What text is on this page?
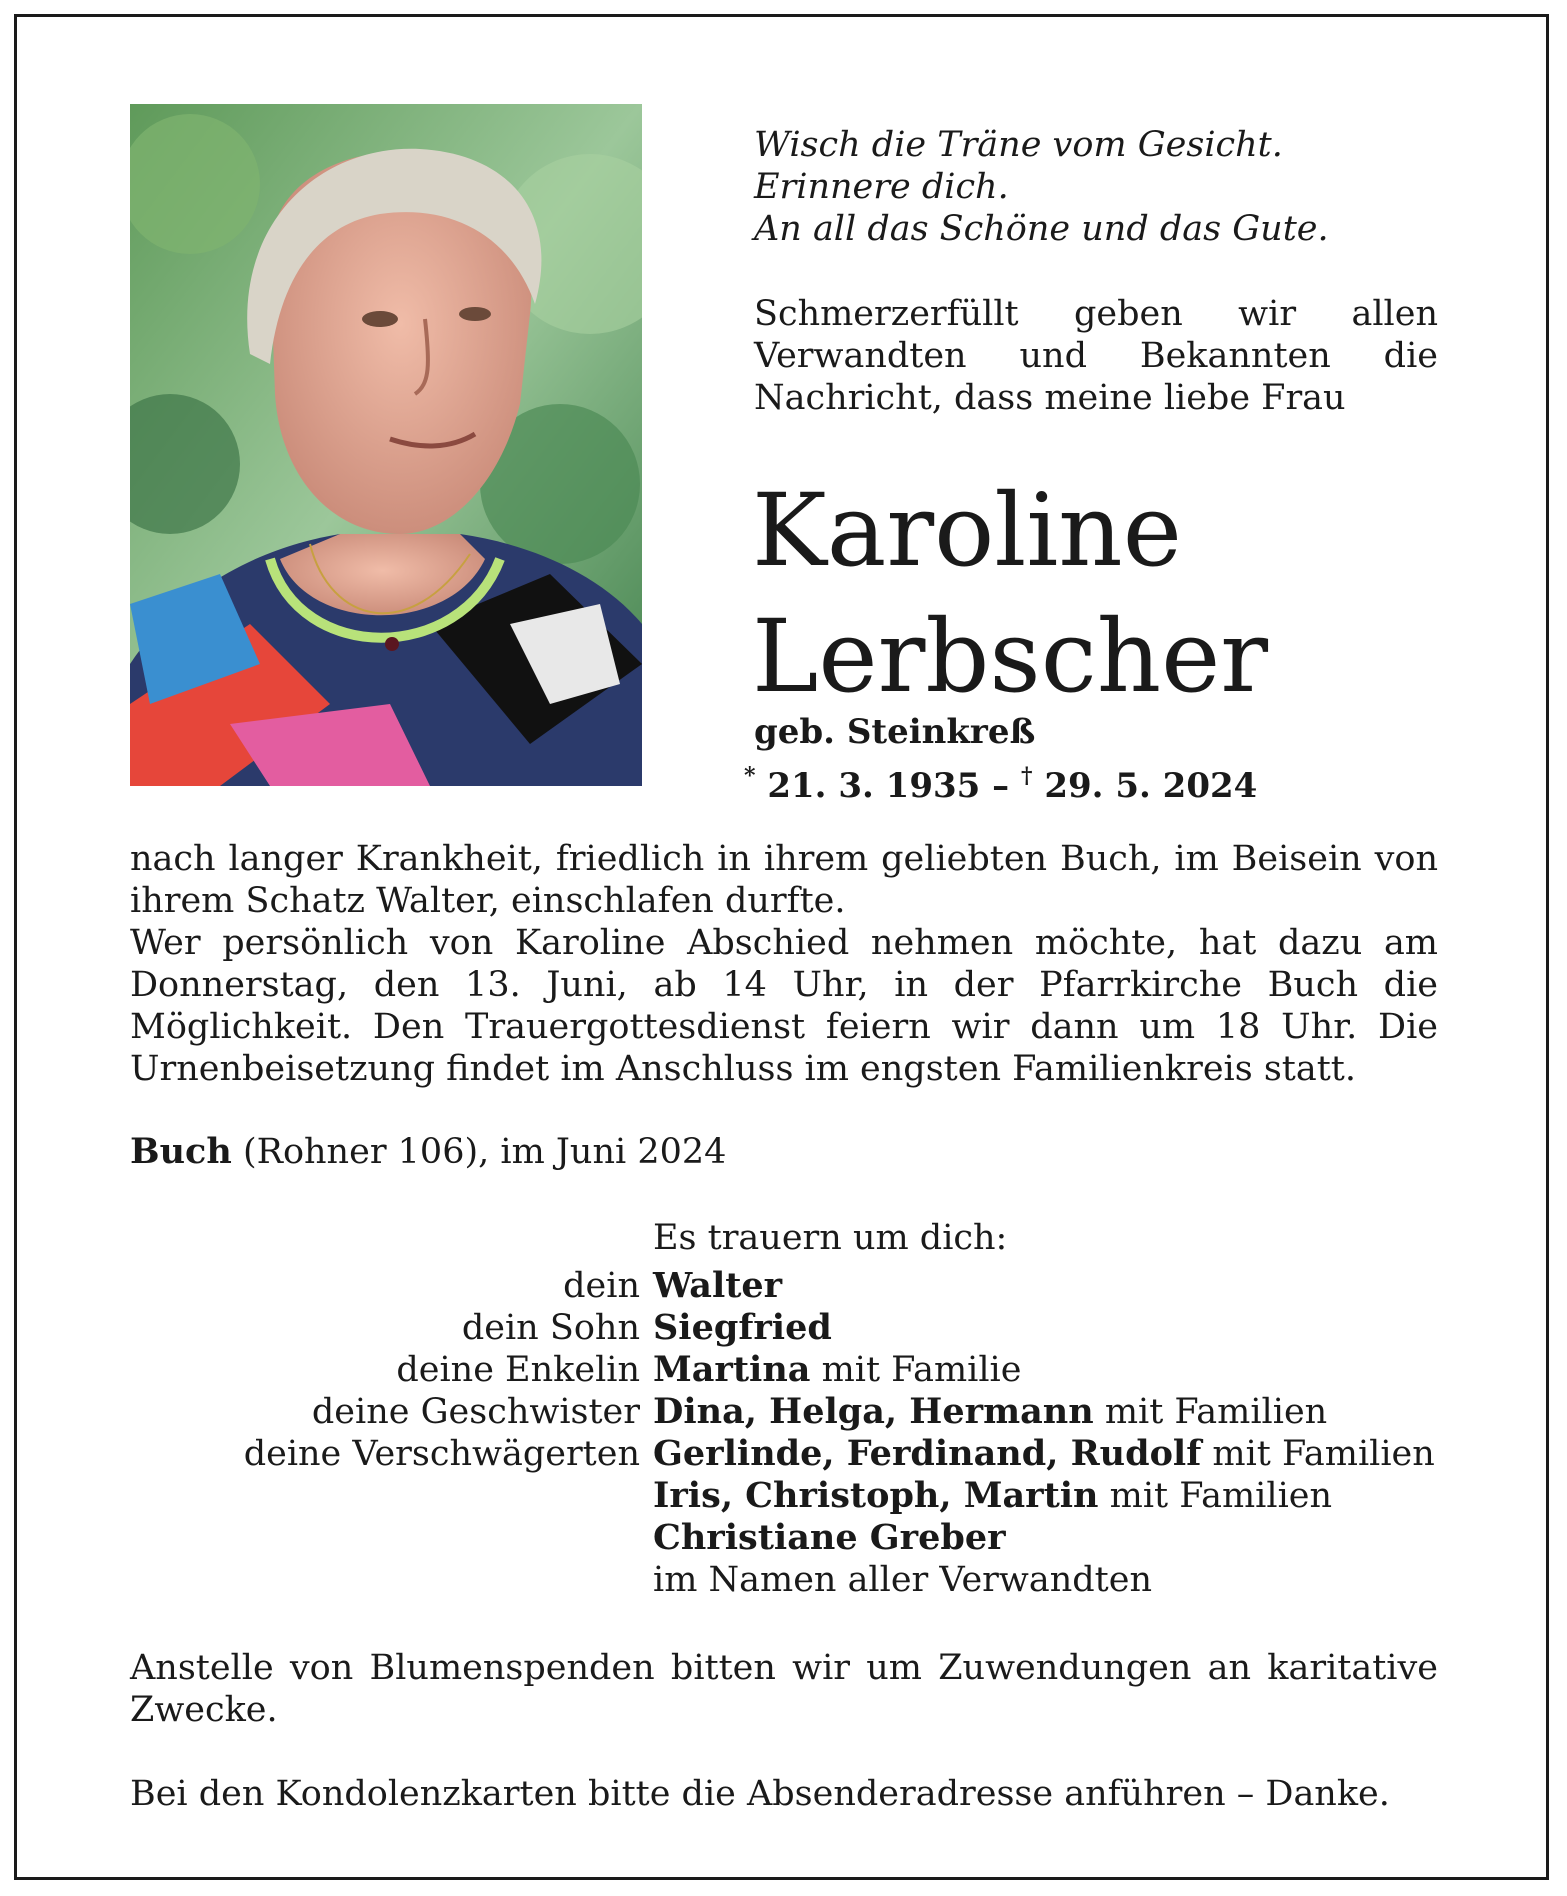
Wisch die Träne vom Gesicht.
Erinnere dich.
An all das Schöne und das Gute.

Schmerzerfüllt geben wir allen Verwandten und Bekannten die Nachricht, dass meine liebe Frau

Karoline
Lerbscher
geb. Steinkreß
* 21. 3. 1935 – † 29. 5. 2024

nach langer Krankheit, friedlich in ihrem geliebten Buch, im Beisein von ihrem Schatz Walter, einschlafen durfte.

Wer persönlich von Karoline Abschied nehmen möchte, hat dazu am Donnerstag, den 13. Juni, ab 14 Uhr, in der Pfarrkirche Buch die Möglichkeit. Den Trauergottesdienst feiern wir dann um 18 Uhr. Die Urnenbeisetzung findet im Anschluss im engsten Familienkreis statt.

Buch (Rohner 106), im Juni 2024
Es trauern um dich:
dein Walter
dein Sohn Siegfried
deine Enkelin Martina mit Familie
deine Geschwister Dina, Helga, Hermann mit Familien
deine Verschwägerten Gerlinde, Ferdinand, Rudolf mit Familien
Iris, Christoph, Martin mit Familien
Christiane Greber
im Namen aller Verwandten

Anstelle von Blumenspenden bitten wir um Zuwendungen an karitative Zwecke.

Bei den Kondolenzkarten bitte die Absenderadresse anführen – Danke.
